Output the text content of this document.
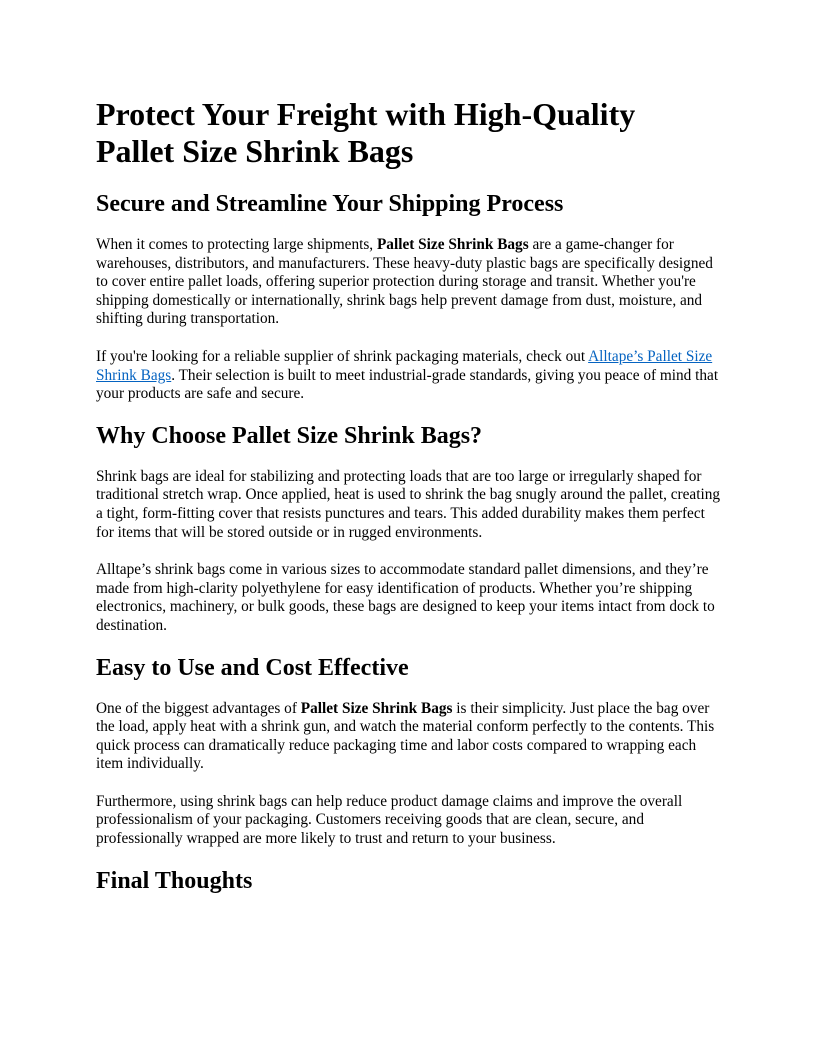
Protect Your Freight with High-Quality Pallet Size Shrink Bags
Secure and Streamline Your Shipping Process

When it comes to protecting large shipments, Pallet Size Shrink Bags are a game-changer for warehouses, distributors, and manufacturers. These heavy-duty plastic bags are specifically designed to cover entire pallet loads, offering superior protection during storage and transit. Whether you're shipping domestically or internationally, shrink bags help prevent damage from dust, moisture, and shifting during transportation.

If you're looking for a reliable supplier of shrink packaging materials, check out Alltape’s Pallet Size Shrink Bags. Their selection is built to meet industrial-grade standards, giving you peace of mind that your products are safe and secure.

Why Choose Pallet Size Shrink Bags?

Shrink bags are ideal for stabilizing and protecting loads that are too large or irregularly shaped for traditional stretch wrap. Once applied, heat is used to shrink the bag snugly around the pallet, creating a tight, form-fitting cover that resists punctures and tears. This added durability makes them perfect for items that will be stored outside or in rugged environments.

Alltape’s shrink bags come in various sizes to accommodate standard pallet dimensions, and they’re made from high-clarity polyethylene for easy identification of products. Whether you’re shipping electronics, machinery, or bulk goods, these bags are designed to keep your items intact from dock to destination.

Easy to Use and Cost Effective

One of the biggest advantages of Pallet Size Shrink Bags is their simplicity. Just place the bag over the load, apply heat with a shrink gun, and watch the material conform perfectly to the contents. This quick process can dramatically reduce packaging time and labor costs compared to wrapping each item individually.

Furthermore, using shrink bags can help reduce product damage claims and improve the overall professionalism of your packaging. Customers receiving goods that are clean, secure, and professionally wrapped are more likely to trust and return to your business.

Final Thoughts
